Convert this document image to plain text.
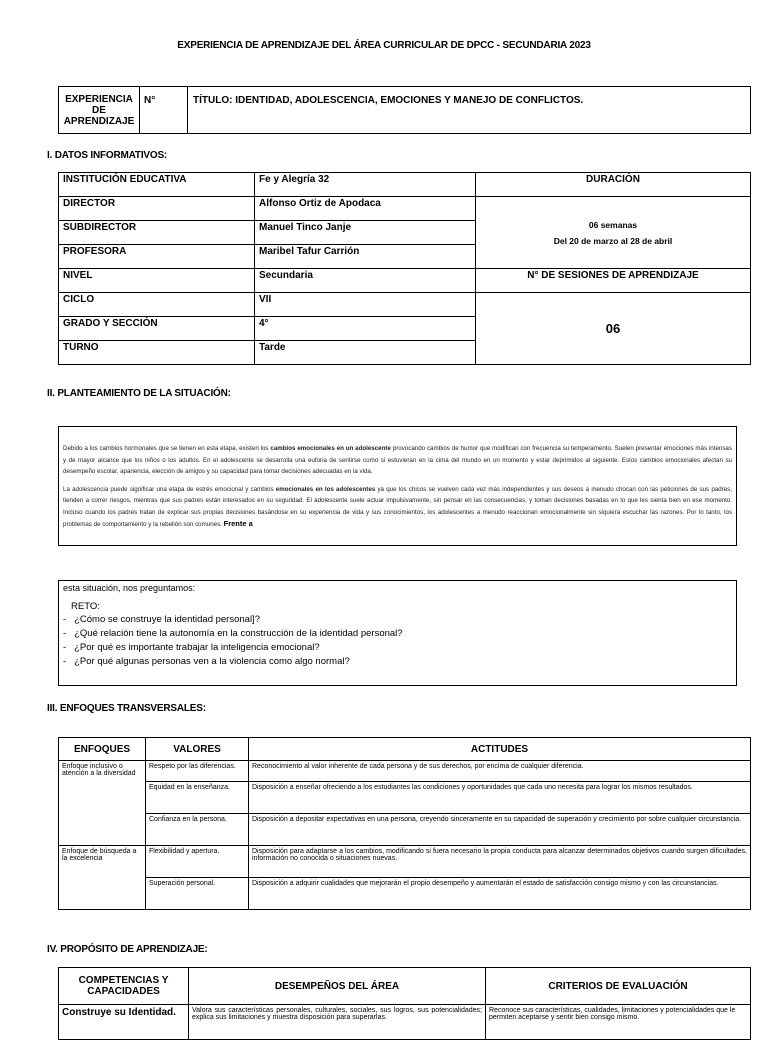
EXPERIENCIA DE APRENDIZAJE DEL ÁREA CURRICULAR DE DPCC - SECUNDARIA 2023
EXPERIENCIA DE APRENDIZAJE	N°	TÍTULO: IDENTIDAD, ADOLESCENCIA, EMOCIONES Y MANEJO DE CONFLICTOS.
I. DATOS INFORMATIVOS:
INSTITUCIÓN EDUCATIVA	Fe y Alegría 32	DURACIÓN
DIRECTOR	Alfonso Ortiz de Apodaca	06 semanas
Del 20 de marzo al 28 de abril

SUBDIRECTOR	Manuel Tinco Janje	
PROFESORA	Maribel Tafur Carrión	
NIVEL	Secundaria	N° DE SESIONES DE APRENDIZAJE
CICLO	VII	06
GRADO Y SECCIÓN	4°	
TURNO	Tarde	
II. PLANTEAMIENTO DE LA SITUACIÓN:

Debido a los cambios hormonales que se tienen en esta etapa, existen los cambios emocionales en un adolescente provocando cambios de humor que modifican con frecuencia su temperamento. Suelen presentar emociones más intensas y de mayor alcance que los niños o los adultos. En el adolescente se desarrolla una euforia de sentirse como si estuvieran en la cima del mundo en un momento y estar deprimidos al siguiente. Estos cambios emocionales afectan su desempeño escolar, apariencia, elección de amigos y su capacidad para tomar decisiones adecuadas en la vida.

La adolescencia puede significar una etapa de estrés emocional y cambios emocionales en los adolescentes ya que los chicos se vuelven cada vez más independientes y sus deseos a menudo chocan con las peticiones de sus padres, tienden a correr riesgos, mientras que sus padres están interesados en su seguridad. El adolescente suele actuar impulsivamente, sin pensar en las consecuencias, y toman decisiones basadas en lo que les sienta bien en ese momento. Incluso cuando los padres tratan de explicar sus propias decisiones basándose en su experiencia de vida y sus conocimientos, los adolescentes a menudo reaccionan emocionalmente sin siquiera escuchar las razones. Por lo tanto, los problemas de comportamiento y la rebelión son comunes. Frente a

esta situación, nos preguntamos:
RETO:
-   ¿Cómo se construye la identidad personal]?
-   ¿Qué relación tiene la autonomía en la construcción de la identidad personal?
-   ¿Por qué es importante trabajar la inteligencia emocional?
-   ¿Por qué algunas personas ven a la violencia como algo normal?
III. ENFOQUES TRANSVERSALES:
ENFOQUES	VALORES	ACTITUDES
Enfoque inclusivo o atención a la diversidad	Respeto por las diferencias.	Reconocimiento al valor inherente de cada persona y de sus derechos, por encima de cualquier diferencia.
	Equidad en la enseñanza.	Disposición a enseñar ofreciendo a los estudiantes las condiciones y oportunidades que cada uno necesita para lograr los mismos resultados.
	Confianza en la persona.	Disposición a depositar expectativas en una persona, creyendo sinceramente en su capacidad de superación y crecimiento por sobre cualquier circunstancia.
Enfoque de búsqueda a la excelencia	Flexibilidad y apertura.	Disposición para adaptarse a los cambios, modificando si fuera necesario la propia conducta para alcanzar determinados objetivos cuando surgen dificultades, información no conocida o situaciones nuevas.
	Superación personal.	Disposición a adquirir cualidades que mejorarán el propio desempeño y aumentarán el estado de satisfacción consigo mismo y con las circunstancias.
IV. PROPÓSITO DE APRENDIZAJE:
COMPETENCIAS Y CAPACIDADES	DESEMPEÑOS DEL ÁREA	CRITERIOS DE EVALUACIÓN
Construye su Identidad.	Valora sus características personales, culturales, sociales, sus logros, sus potencialidades; explica sus limitaciones y muestra disposición para superarlas.	Reconoce sus características, cualidades, limitaciones y potencialidades que le permiten aceptarse y sentir bien consigo mismo.
